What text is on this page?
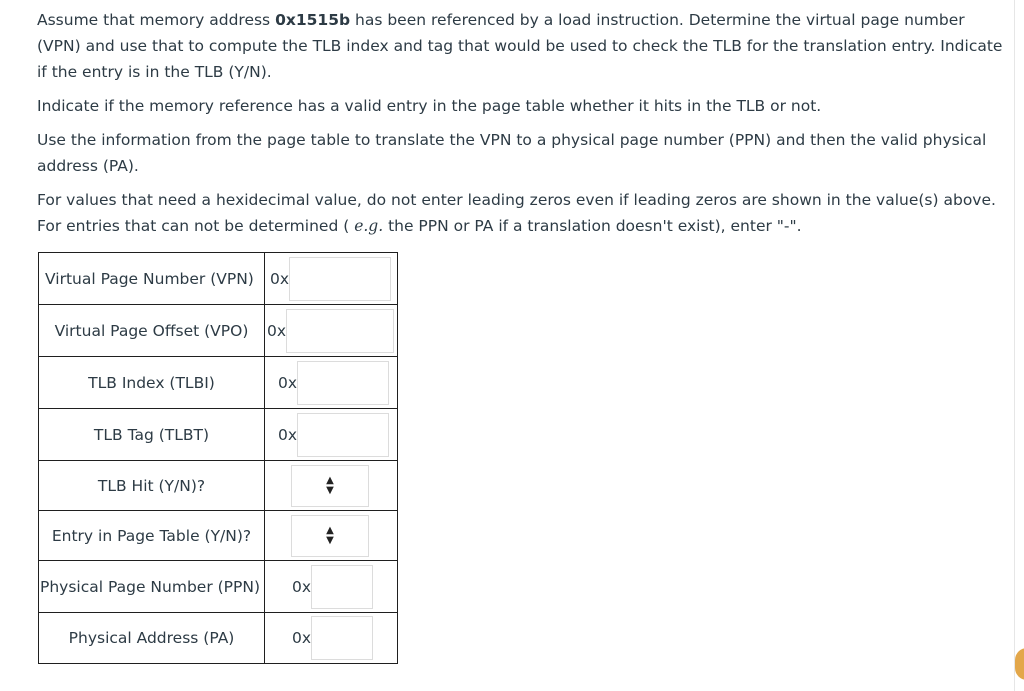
Assume that memory address 0x1515b has been referenced by a load instruction. Determine the virtual page number (VPN) and use that to compute the TLB index and tag that would be used to check the TLB for the translation entry. Indicate if the entry is in the TLB (Y/N).

Indicate if the memory reference has a valid entry in the page table whether it hits in the TLB or not.

Use the information from the page table to translate the VPN to a physical page number (PPN) and then the valid physical address (PA).

For values that need a hexidecimal value, do not enter leading zeros even if leading zeros are shown in the value(s) above. For entries that can not be determined ( e.g. the PPN or PA if a translation doesn't exist), enter "-".

Virtual Page Number (VPN)	0x

Virtual Page Offset (VPO)	0x

TLB Index (TLBI)	0x

TLB Tag (TLBT)	0x

TLB Hit (Y/N)?	▲
▼

Entry in Page Table (Y/N)?	▲
▼

Physical Page Number (PPN)	0x

Physical Address (PA)	0x
